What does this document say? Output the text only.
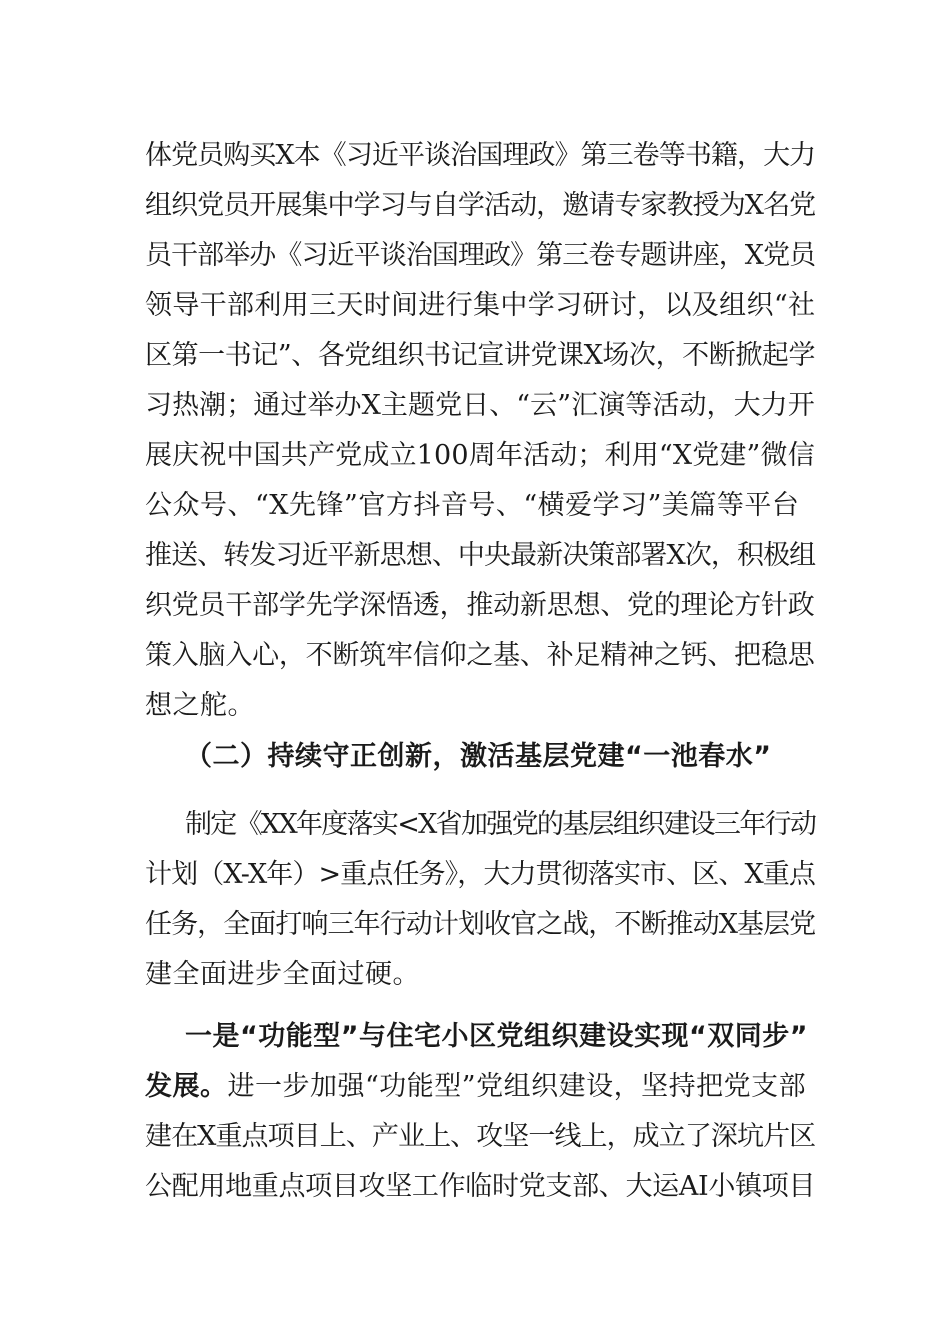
体党员购买X本《习近平谈治国理政》第三卷等书籍，大力
组织党员开展集中学习与自学活动，邀请专家教授为X名党
员干部举办《习近平谈治国理政》第三卷专题讲座，X党员
领导干部利用三天时间进行集中学习研讨，以及组织“社
区第一书记”、各党组织书记宣讲党课X场次，不断掀起学
习热潮；通过举办X主题党日、“云”汇演等活动，大力开
展庆祝中国共产党成立100周年活动；利用“X党建”微信
公众号、“X先锋”官方抖音号、“横爱学习”美篇等平台
推送、转发习近平新思想、中央最新决策部署X次，积极组
织党员干部学先学深悟透，推动新思想、党的理论方针政
策入脑入心，不断筑牢信仰之基、补足精神之钙、把稳思
想之舵。
（二）持续守正创新，激活基层党建“一池春水”
制定《XX年度落实<X省加强党的基层组织建设三年行动
计划（X-X年）>重点任务》，大力贯彻落实市、区、X重点
任务，全面打响三年行动计划收官之战，不断推动X基层党
建全面进步全面过硬。
一是“功能型”与住宅小区党组织建设实现“双同步”
发展。进一步加强“功能型”党组织建设，坚持把党支部
建在X重点项目上、产业上、攻坚一线上，成立了深坑片区
公配用地重点项目攻坚工作临时党支部、大运AI小镇项目
